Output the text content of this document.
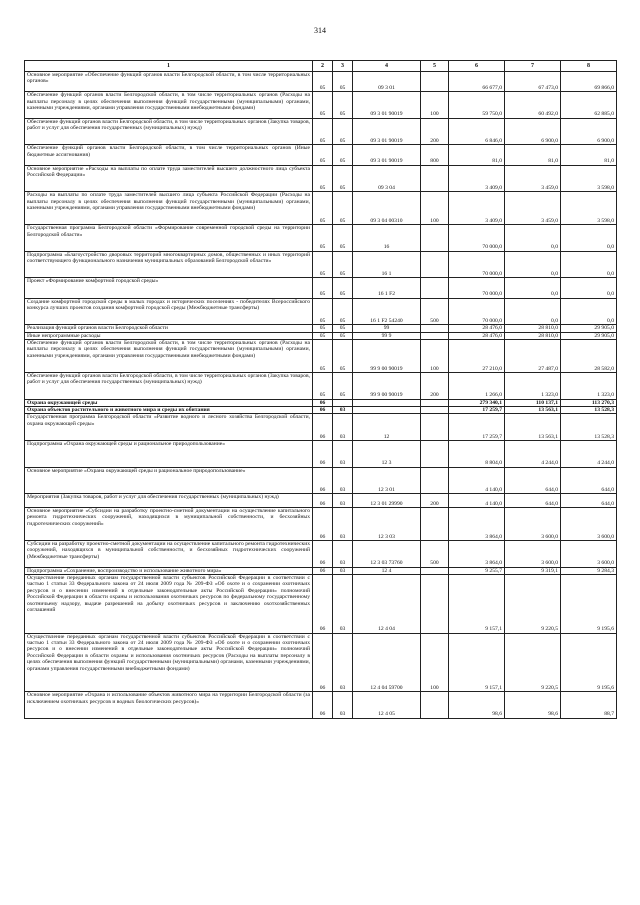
314
1	2	3	4	5	6	7	8
Основное мероприятие «Обеспечение функций органов власти Белгородской области, в том числе территориальных органов»	05	05	09 3 01		66 677,0	67 473,0	69 866,0
Обеспечение функций органов власти Белгородской области, в том числе территориальных органов (Расходы на выплаты персоналу в целях обеспечения выполнения функций государственными (муниципальными) органами, казенными учреждениями, органами управления государственными внебюджетными фондами)	05	05	09 3 01 90019	100	59 750,0	60 492,0	62 885,0
Обеспечение функций органов власти Белгородской области, в том числе территориальных органов (Закупка товаров, работ и услуг для обеспечения государственных (муниципальных) нужд)	05	05	09 3 01 90019	200	6 846,0	6 900,0	6 900,0
Обеспечение функций органов власти Белгородской области, в том числе территориальных органов (Иные бюджетные ассигнования)	05	05	09 3 01 90019	800	81,0	81,0	81,0
Основное мероприятие «Расходы на выплаты по оплате труда заместителей высшего должностного лица субъекта Российской Федерации»	05	05	09 3 04		3 409,0	3 459,0	3 598,0
Расходы на выплаты по оплате труда заместителей высшего лица субъекта Российской Федерации (Расходы на выплаты персоналу в целях обеспечения выполнения функций государственными (муниципальными) органами, казенными учреждениями, органами управления государственными внебюджетными фондами)	05	05	09 3 04 00310	100	3 409,0	3 459,0	3 598,0
Государственная программа Белгородской области «Формирование современной городской среды на территории Белгородской области»	05	05	16		70 000,0	0,0	0,0
Подпрограмма «Благоустройство дворовых территорий многоквартирных домов, общественных и иных территорий соответствующего функционального назначения муниципальных образований Белгородской области»	05	05	16 1		70 000,0	0,0	0,0
Проект «Формирование комфортной городской среды»	05	05	16 1 F2		70 000,0	0,0	0,0
Создание комфортной городской среды в малых городах и исторических поселениях - победителях Всероссийского конкурса лучших проектов создания комфортной городской среды (Межбюджетные трансферты)	05	05	16 1 F2 54240	500	70 000,0	0,0	0,0
Реализация функций органов власти Белгородской области	05	05	99		28 476,0	28 810,0	29 905,0
Иные непрограммные расходы	05	05	99 9		28 476,0	28 810,0	29 905,0
Обеспечение функций органов власти Белгородской области, в том числе территориальных органов (Расходы на выплаты персоналу в целях обеспечения выполнения функций государственными (муниципальными) органами, казенными учреждениями, органами управления государственными внебюджетными фондами)	05	05	99 9 00 90019	100	27 210,0	27 487,0	28 582,0
Обеспечение функций органов власти Белгородской области, в том числе территориальных органов (Закупка товаров, работ и услуг для обеспечения государственных (муниципальных) нужд)	05	05	99 9 00 90019	200	1 266,0	1 323,0	1 323,0
Охрана окружающей среды	06				279 340,1	110 137,1	113 270,3
Охрана объектов растительного и животного мира и среды их обитания	06	03			17 259,7	13 563,1	13 528,3
Государственная программа Белгородской области «Развитие водного и лесного хозяйства Белгородской области, охрана окружающей среды»	06	03	12		17 259,7	13 563,1	13 528,3
Подпрограмма «Охрана окружающей среды и рациональное природопользование»	06	03	12 3		8 804,0	4 244,0	4 244,0
Основное мероприятие «Охрана окружающей среды и рациональное природопользование»	06	03	12 3 01		4 140,0	644,0	644,0
Мероприятия (Закупка товаров, работ и услуг для обеспечения государственных (муниципальных) нужд)	06	03	12 3 01 29990	200	4 140,0	644,0	644,0
Основное мероприятие «Субсидии на разработку проектно-сметной документации на осуществление капитального ремонта гидротехнических сооружений, находящихся в муниципальной собственности, и бесхозяйных гидротехнических сооружений»	06	03	12 3 03		3 864,0	3 600,0	3 600,0
Субсидии на разработку проектно-сметной документации на осуществление капитального ремонта гидротехнических сооружений, находящихся в муниципальной собственности, и бесхозяйных гидротехнических сооружений (Межбюджетные трансферты)	06	03	12 3 03 73760	500	3 864,0	3 600,0	3 600,0
Подпрограмма «Сохранение, воспроизводство и использование животного мира»	06	03	12 4		9 255,7	9 319,1	9 284,3
Осуществление переданных органам государственной власти субъектов Российской Федерации в соответствии с частью 1 статьи 33 Федерального закона от 24 июля 2009 года № 209-ФЗ «Об охоте и о сохранении охотничьих ресурсов и о внесении изменений в отдельные законодательные акты Российской Федерации» полномочий Российской Федерации в области охраны и использования охотничьих ресурсов по федеральному государственному охотничьему надзору, выдаче разрешений на добычу охотничьих ресурсов и заключению охотхозяйственных соглашений	06	03	12 4 04		9 157,1	9 220,5	9 195,6
Осуществление переданных органам государственной власти субъектов Российской Федерации в соответствии с частью 1 статьи 33 Федерального закона от 24 июля 2009 года № 209-ФЗ «Об охоте и о сохранении охотничьих ресурсов и о внесении изменений в отдельные законодательные акты Российской Федерации» полномочий Российской Федерации в области охраны и использования охотничьих ресурсов (Расходы на выплаты персоналу в целях обеспечения выполнения функций государственными (муниципальными) органами, казенными учреждениями, органами управления государственными внебюджетными фондами)	06	03	12 4 04 59700	100	9 157,1	9 220,5	9 195,6
Основное мероприятие «Охрана и использование объектов животного мира на территории Белгородской области (за исключением охотничьих ресурсов и водных биологических ресурсов)»	06	03	12 4 05		98,6	98,6	88,7
